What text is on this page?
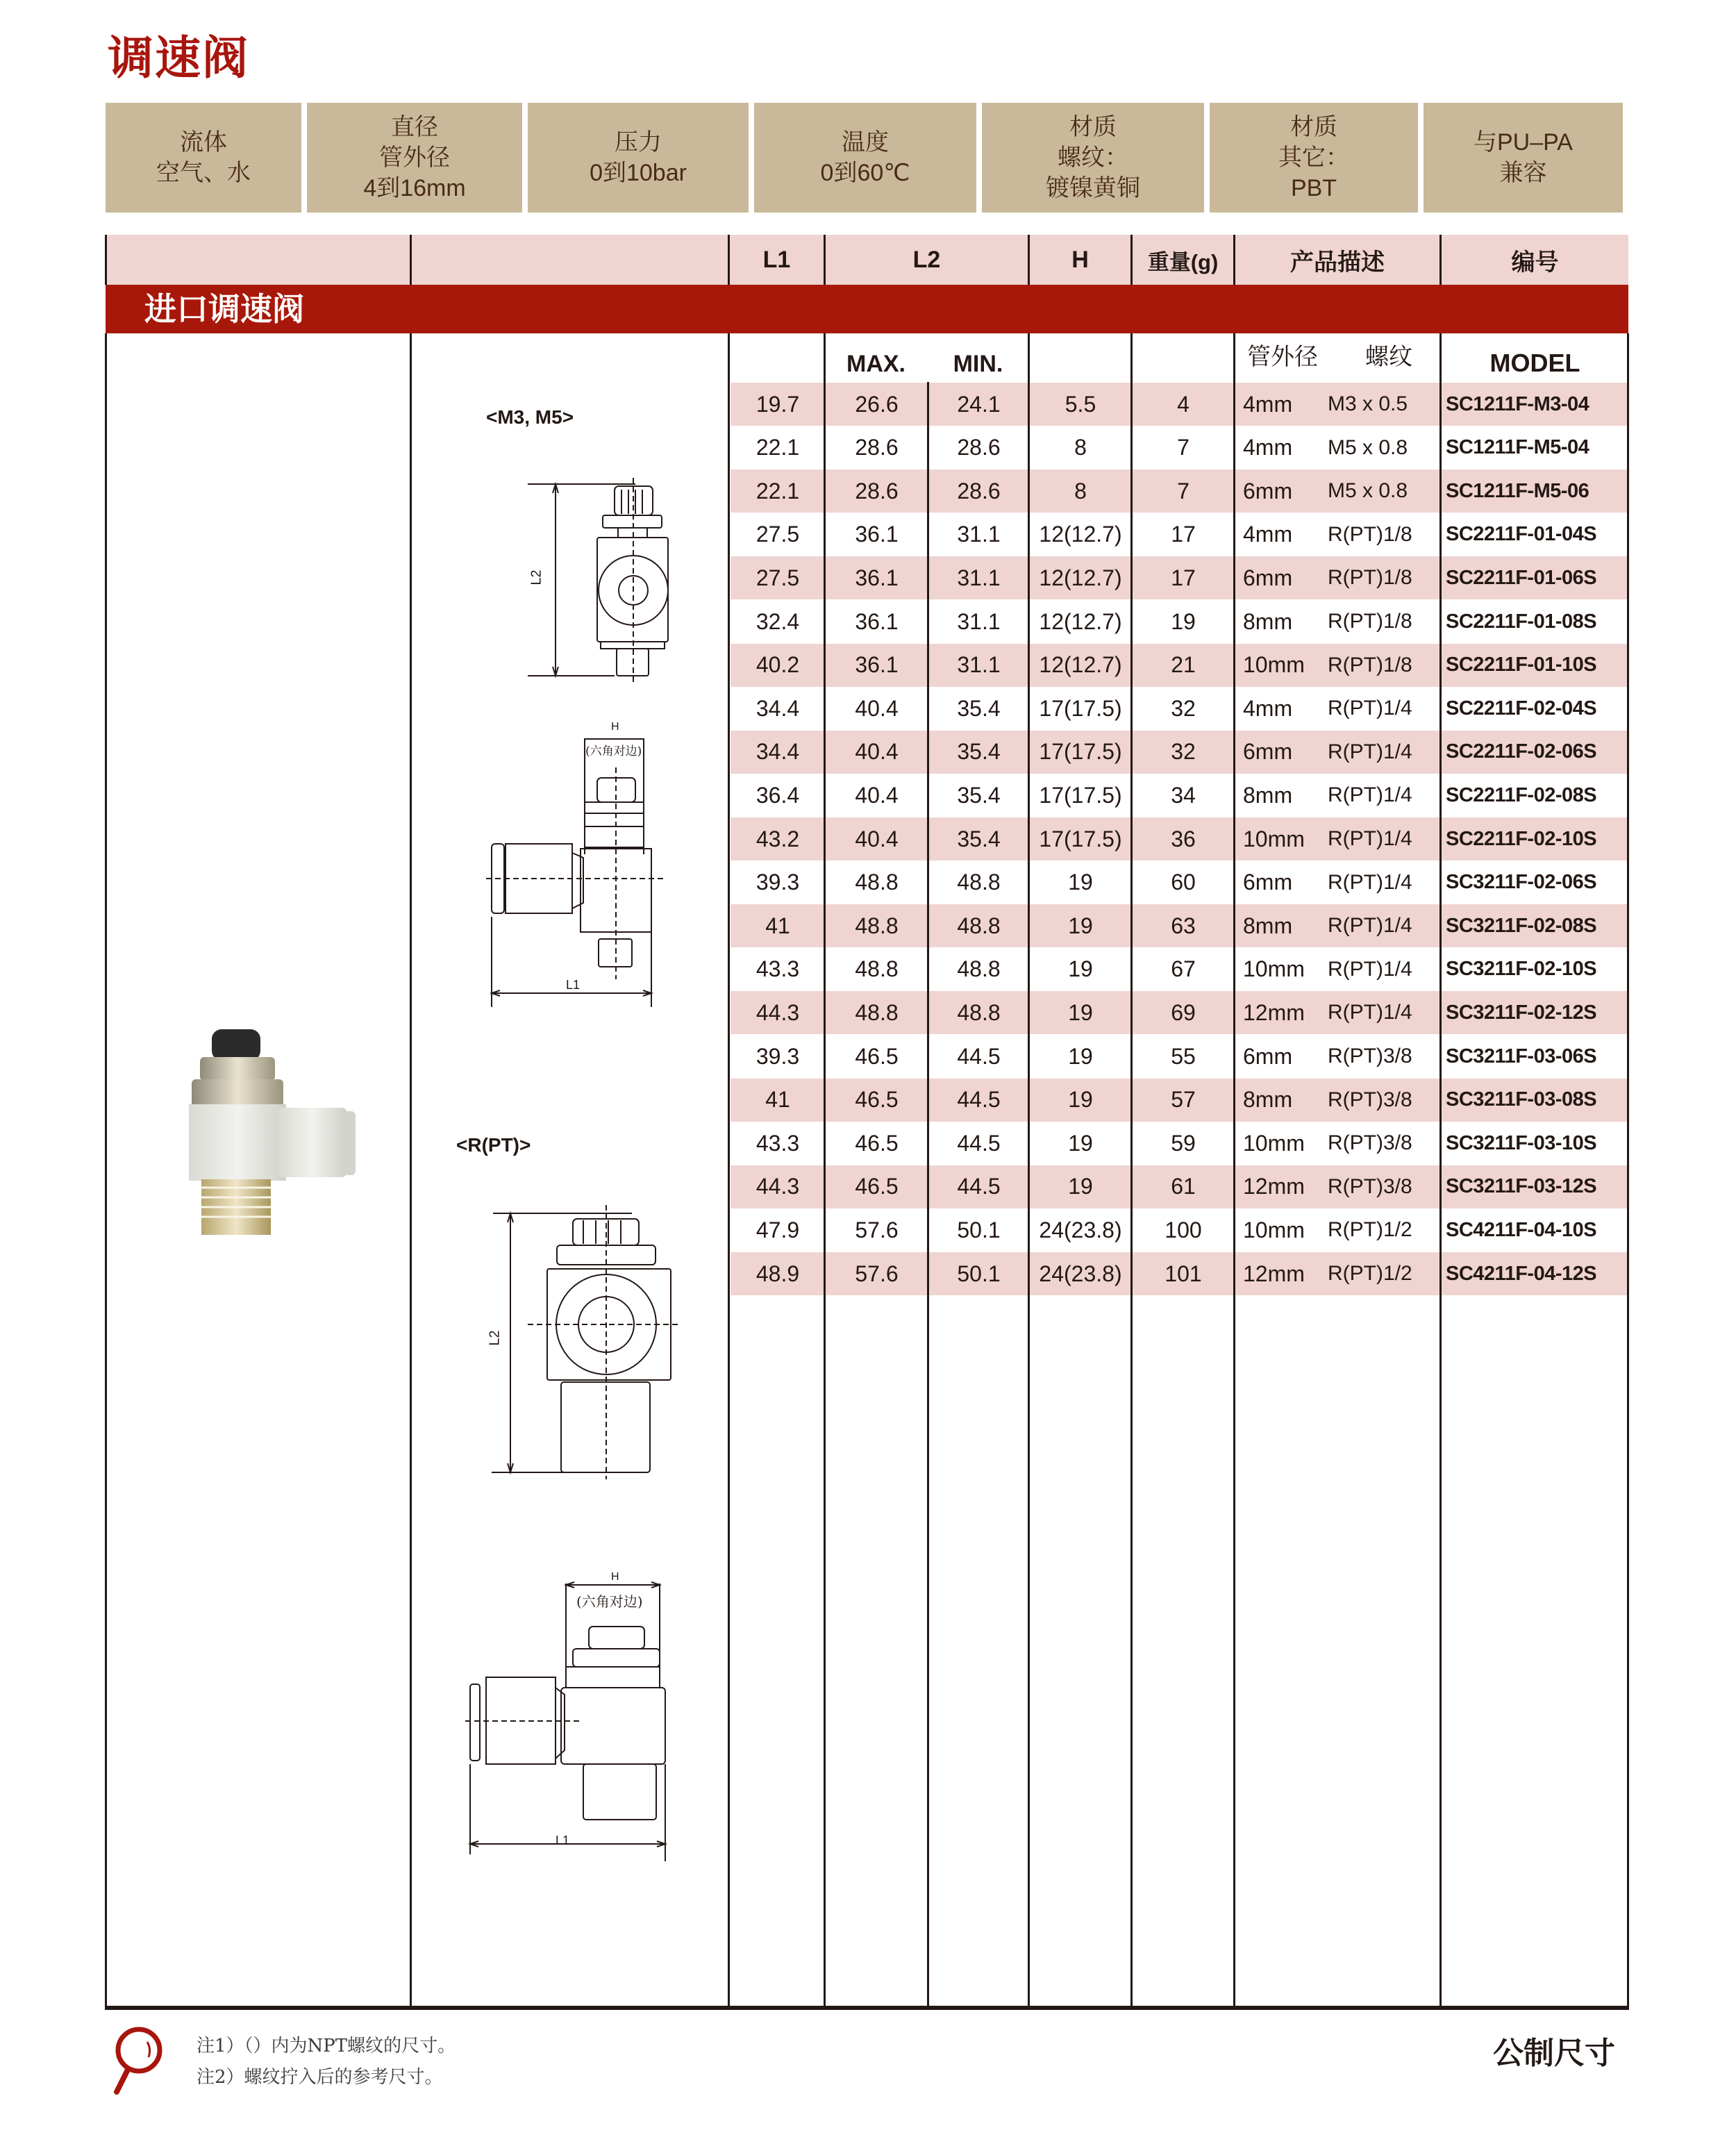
调速阀
流体
空气、水
直径
管外径
4到16mm
压力
0到10bar
温度
0到60℃
材质
螺纹：
镀镍黄铜
材质
其它：
PBT
与PU–PA
兼容
L1	L2	H	重量(g)	产品描述	编号
进口调速阀
MAX.	MIN.	管外径	螺纹	MODEL
19.7	26.6	24.1	5.5	4	4mm	M3 x 0.5	SC1211F-M3-04
22.1	28.6	28.6	8	7	4mm	M5 x 0.8	SC1211F-M5-04
22.1	28.6	28.6	8	7	6mm	M5 x 0.8	SC1211F-M5-06
27.5	36.1	31.1	12(12.7)	17	4mm	R(PT)1/8	SC2211F-01-04S
27.5	36.1	31.1	12(12.7)	17	6mm	R(PT)1/8	SC2211F-01-06S
32.4	36.1	31.1	12(12.7)	19	8mm	R(PT)1/8	SC2211F-01-08S
40.2	36.1	31.1	12(12.7)	21	10mm	R(PT)1/8	SC2211F-01-10S
34.4	40.4	35.4	17(17.5)	32	4mm	R(PT)1/4	SC2211F-02-04S
34.4	40.4	35.4	17(17.5)	32	6mm	R(PT)1/4	SC2211F-02-06S
36.4	40.4	35.4	17(17.5)	34	8mm	R(PT)1/4	SC2211F-02-08S
43.2	40.4	35.4	17(17.5)	36	10mm	R(PT)1/4	SC2211F-02-10S
39.3	48.8	48.8	19	60	6mm	R(PT)1/4	SC3211F-02-06S
41	48.8	48.8	19	63	8mm	R(PT)1/4	SC3211F-02-08S
43.3	48.8	48.8	19	67	10mm	R(PT)1/4	SC3211F-02-10S
44.3	48.8	48.8	19	69	12mm	R(PT)1/4	SC3211F-02-12S
39.3	46.5	44.5	19	55	6mm	R(PT)3/8	SC3211F-03-06S
41	46.5	44.5	19	57	8mm	R(PT)3/8	SC3211F-03-08S
43.3	46.5	44.5	19	59	10mm	R(PT)3/8	SC3211F-03-10S
44.3	46.5	44.5	19	61	12mm	R(PT)3/8	SC3211F-03-12S
47.9	57.6	50.1	24(23.8)	100	10mm	R(PT)1/2	SC4211F-04-10S
48.9	57.6	50.1	24(23.8)	101	12mm	R(PT)1/2	SC4211F-04-12S
<M3, M5>
<R(PT)>
L2
H
(六角对边)
L1
L2
H
(六角对边)
L1
注1）（）内为NPT螺纹的尺寸。
注2）螺纹拧入后的参考尺寸。
公制尺寸
